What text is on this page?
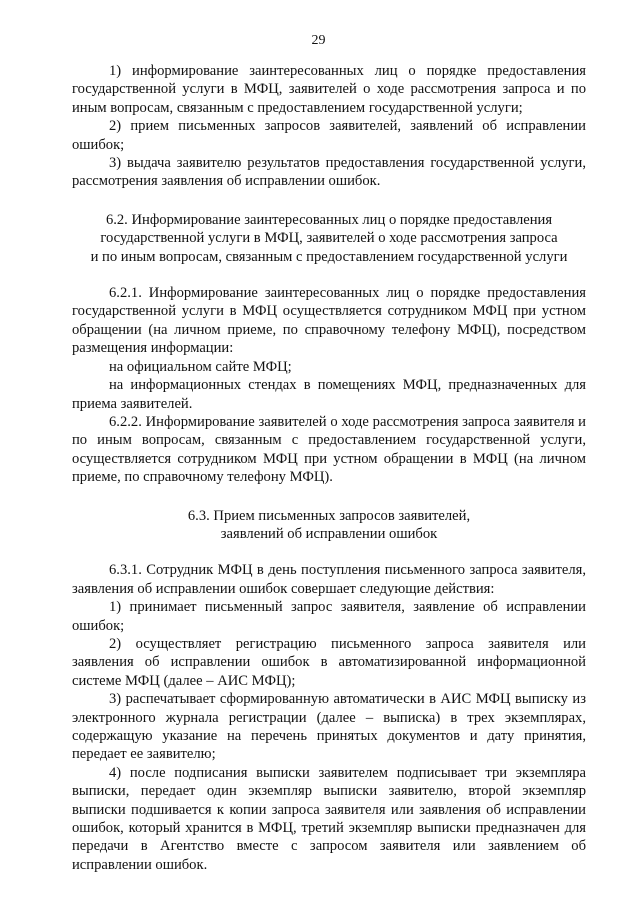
29

1) информирование заинтересованных лиц о порядке предоставления государственной услуги в МФЦ, заявителей о ходе рассмотрения запроса и по иным вопросам, связанным с предоставлением государственной услуги;

2) прием письменных запросов заявителей, заявлений об исправлении ошибок;

3) выдача заявителю результатов предоставления государственной услуги, рассмотрения заявления об исправлении ошибок.

6.2. Информирование заинтересованных лиц о порядке предоставления

государственной услуги в МФЦ, заявителей о ходе рассмотрения запроса

и по иным вопросам, связанным с предоставлением государственной услуги

6.2.1. Информирование заинтересованных лиц о порядке предоставления государственной услуги в МФЦ осуществляется сотрудником МФЦ при устном обращении (на личном приеме, по справочному телефону МФЦ), посредством размещения информации:

на официальном сайте МФЦ;

на информационных стендах в помещениях МФЦ, предназначенных для приема заявителей.

6.2.2. Информирование заявителей о ходе рассмотрения запроса заявителя и по иным вопросам, связанным с предоставлением государственной услуги, осуществляется сотрудником МФЦ при устном обращении в МФЦ (на личном приеме, по справочному телефону МФЦ).

6.3. Прием письменных запросов заявителей,

заявлений об исправлении ошибок

6.3.1. Сотрудник МФЦ в день поступления письменного запроса заявителя, заявления об исправлении ошибок совершает следующие действия:

1) принимает письменный запрос заявителя, заявление об исправлении ошибок;

2) осуществляет регистрацию письменного запроса заявителя или заявления об исправлении ошибок в автоматизированной информационной системе МФЦ (далее – АИС МФЦ);

3) распечатывает сформированную автоматически в АИС МФЦ выписку из электронного журнала регистрации (далее – выписка) в трех экземплярах, содержащую указание на перечень принятых документов и дату принятия, передает ее заявителю;

4) после подписания выписки заявителем подписывает три экземпляра выписки, передает один экземпляр выписки заявителю, второй экземпляр выписки подшивается к копии запроса заявителя или заявления об исправлении ошибок, который хранится в МФЦ, третий экземпляр выписки предназначен для передачи в Агентство вместе с запросом заявителя или заявлением об исправлении ошибок.
